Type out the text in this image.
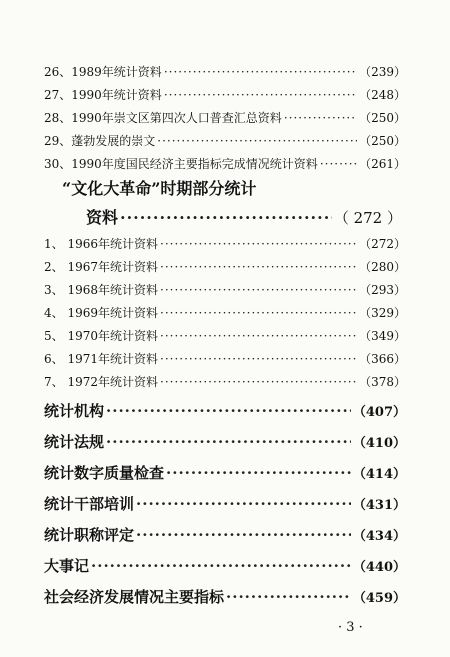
26、1989年统计资料 ·····	（239）
27、1990年统计资料 ·····	（248）
28、1990年崇文区第四次人口普查汇总资料 ·····	（250）
29、蓬勃发展的崇文 ·····	（250）
30、1990年度国民经济主要指标完成情况统计资料 ·····	（261）
“文化大革命”时期部分统计
资料 ·····	（ 272 ）
1、 1966年统计资料 ·····	（272）
2、 1967年统计资料 ·····	（280）
3、 1968年统计资料 ·····	（293）
4、 1969年统计资料 ·····	（329）
5、 1970年统计资料 ·····	（349）
6、 1971年统计资料 ·····	（366）
7、 1972年统计资料 ·····	（378）
统计机构 ·····	（407）
统计法规 ·····	（410）
统计数字质量检查 ·····	（414）
统计干部培训 ·····	（431）
统计职称评定 ·····	（434）
大事记 ·····	（440）
社会经济发展情况主要指标 ·····	（459）
· 3 ·
